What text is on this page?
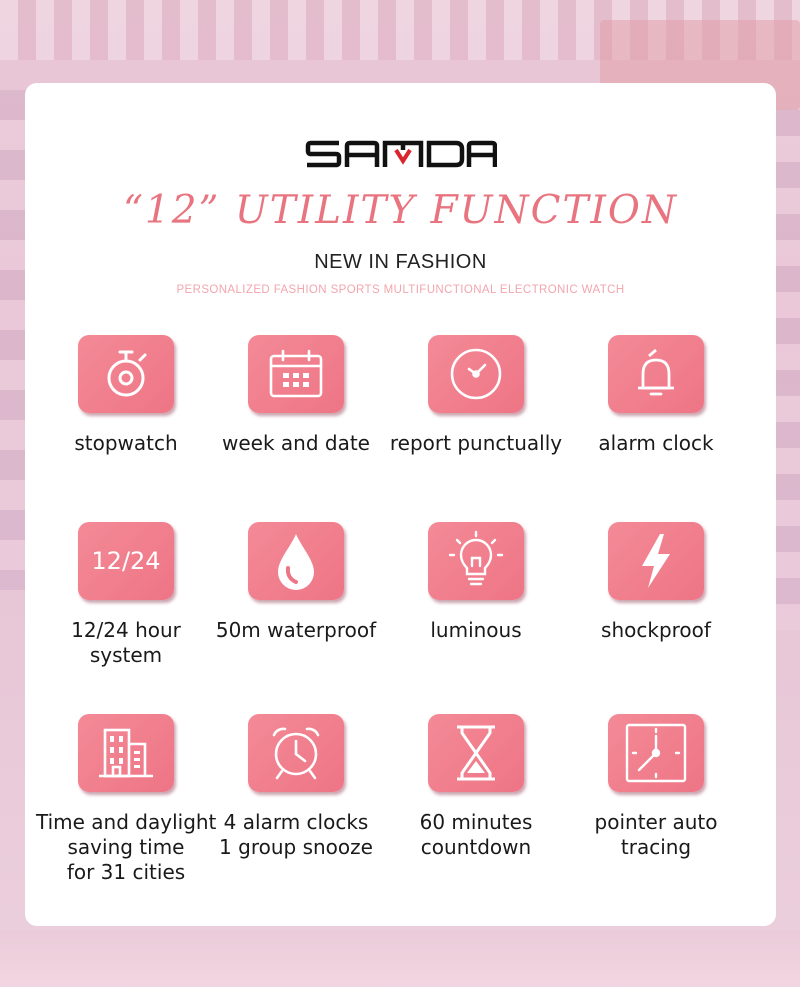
“12” UTILITY FUNCTION
NEW IN FASHION
PERSONALIZED FASHION SPORTS MULTIFUNCTIONAL ELECTRONIC WATCH
stopwatch	week and date report punctually	alarm clock
12/24
12/24 hour
system
50m waterproof	luminous	shockproof
Time and daylight
saving time
for 31 cities
4 alarm clocks
1 group snooze
60 minutes
countdown
pointer auto
tracing
